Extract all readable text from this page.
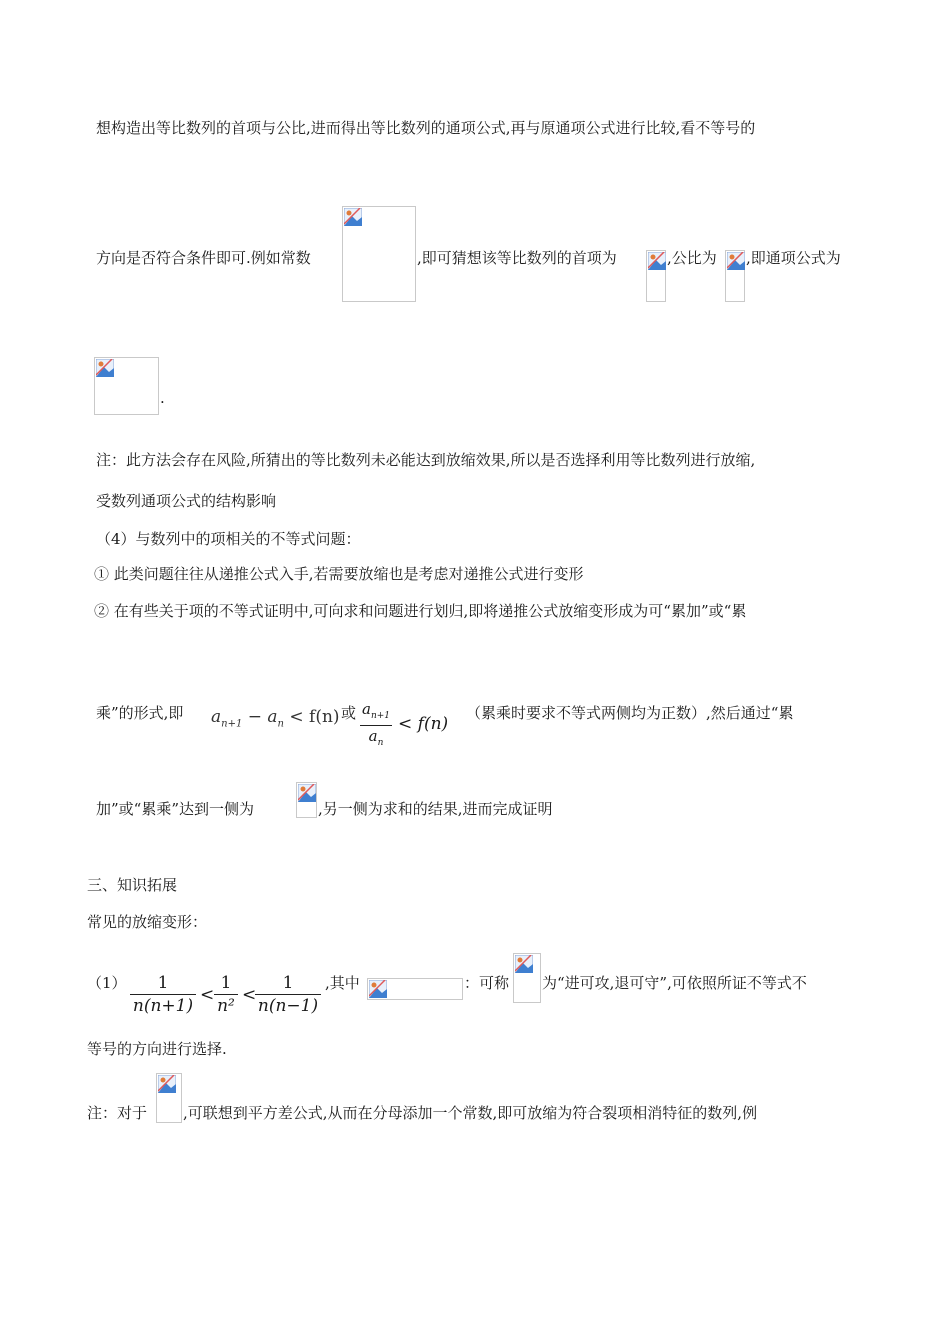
想构造出等比数列的首项与公比,进而得出等比数列的通项公式,再与原通项公式进行比较,看不等号的
方向是否符合条件即可.例如常数	,即可猜想该等比数列的首项为	,公比为 ,即通项公式为
.
注：此方法会存在风险,所猜出的等比数列未必能达到放缩效果,所以是否选择利用等比数列进行放缩,
受数列通项公式的结构影响
（4）与数列中的项相关的不等式问题：
① 此类问题往往从递推公式入手,若需要放缩也是考虑对递推公式进行变形
② 在有些关于项的不等式证明中,可向求和问题进行划归,即将递推公式放缩变形成为可“累加”或“累
乘”的形式,即 $a_{n+1} - a_n < f(n)$ 或 $a_{n+1}$
$a_n$
< f(n)
（累乘时要求不等式两侧均为正数）,然后通过“累
加”或“累乘”达到一侧为	,另一侧为求和的结果,进而完成证明
三、知识拓展
常见的放缩变形：
（1） 1
n(n+1)
<
1
n²
<
1
n(n−1)
,其中	：可称 为“进可攻,退可守”,可依照所证不等式不
等号的方向进行选择.
注：对于 ,可联想到平方差公式,从而在分母添加一个常数,即可放缩为符合裂项相消特征的数列,例
